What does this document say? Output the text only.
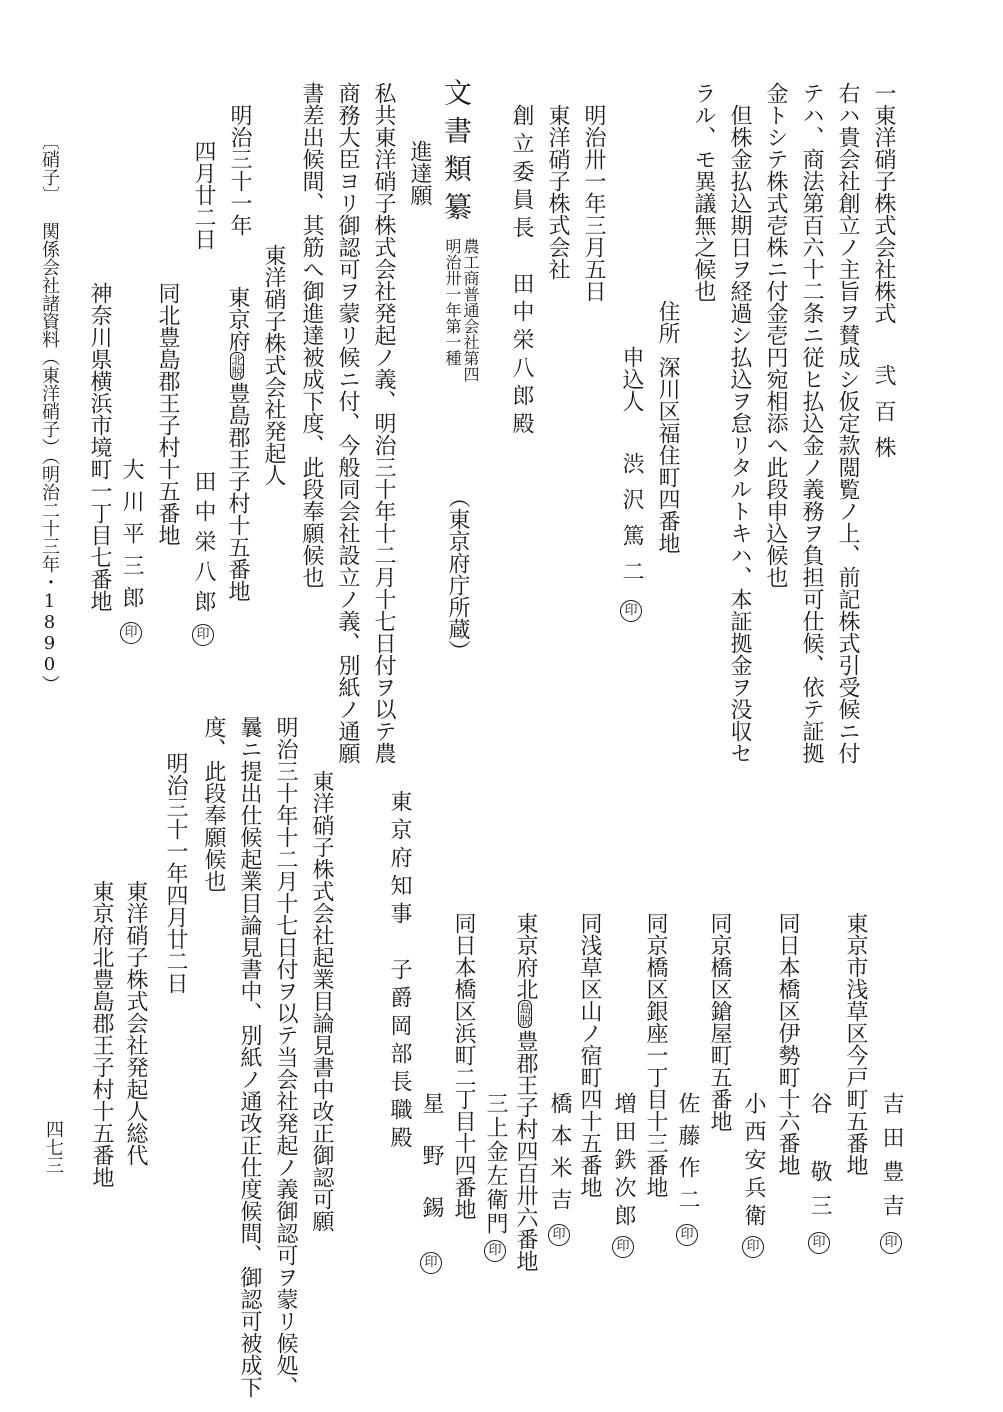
一東洋硝子株式会社株式弐百株
右ハ貴会社創立ノ主旨ヲ賛成シ仮定款閲覧ノ上、前記株式引受候ニ付
テハ、商法第百六十二条ニ従ヒ払込金ノ義務ヲ負担可仕候、依テ証拠
金トシテ株式壱株ニ付金壱円宛相添へ此段申込候也
但株金払込期日ヲ経過シ払込ヲ怠リタルトキハ、本証拠金ヲ没収セ
ラル、モ異議無之候也
住所深川区福住町四番地
申込人渋沢篤二印
明治卅一年三月五日
東洋硝子株式会社
創立委員長　田中栄八郎殿
文書類纂
農工商普通会社第四
明治卅一年第一種
（東京府庁所蔵）
進達願
私共東洋硝子株式会社発起ノ義、明治三十年十二月十七日付ヲ以テ農
商務大臣ヨリ御認可ヲ蒙リ候ニ付、今般同会社設立ノ義、別紙ノ通願
書差出候間、其筋へ御進達被成下度、此段奉願候也
東洋硝子株式会社発起人
東京府北脱豊島郡王子村十五番地
明治三十一年
四月廿二日
田中栄八郎印
同北豊島郡王子村十五番地
大川平三郎印
神奈川県横浜市境町一丁目七番地
〔硝子〕関係会社諸資料（東洋硝子）（明治二十三年・1890）
東京市浅草区今戸町五番地 吉田豊吉印
谷　敬三印
同日本橋区伊勢町十六番地
小西安兵衛印
同京橋区鎗屋町五番地
佐藤作二印
同京橋区銀座一丁目十三番地
増田鉄次郎印
同浅草区山ノ宿町四十五番地
橋本米吉印
東京府北島脱豊郡王子村四百卅六番地
三上金左衛門印
同日本橋区浜町二丁目十四番地
星野錫印
東京府知事　子爵岡部長職殿
東洋硝子株式会社起業目論見書中改正御認可願
明治三十年十二月十七日付ヲ以テ当会社発起ノ義御認可ヲ蒙リ候処、
曩ニ提出仕候起業目論見書中、別紙ノ通改正仕度候間、御認可被成下
度、此段奉願候也
明治三十一年四月廿二日
東洋硝子株式会社発起人総代
東京府北豊島郡王子村十五番地
四七三
